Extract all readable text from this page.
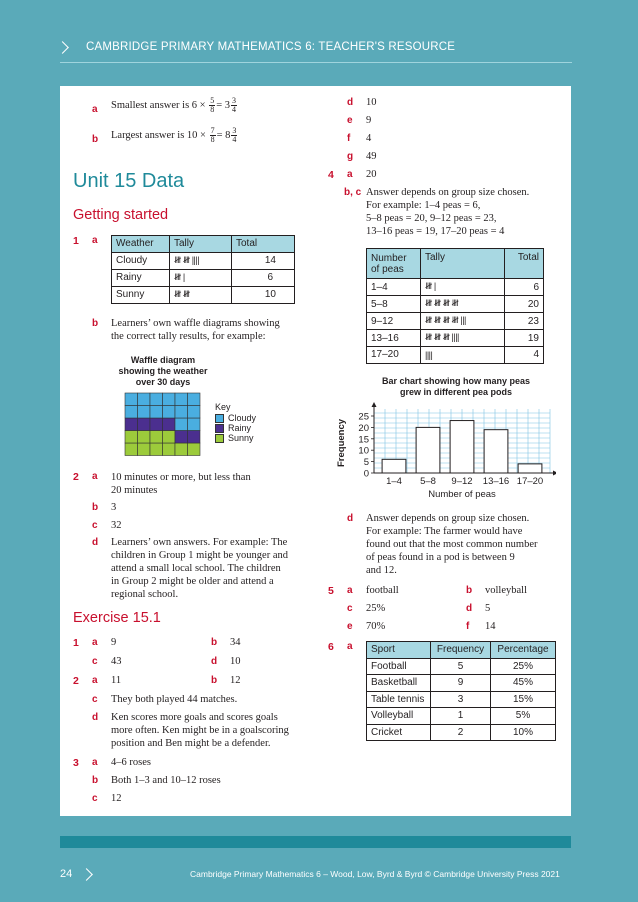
CAMBRIDGE PRIMARY MATHEMATICS 6: TEACHER'S RESOURCE
a Smallest answer is $6 \times \frac{5}{8} = 3 \frac{3}{4}$
b Largest answer is $10 \times \frac{7}{8} = 8 \frac{3}{4}$
Unit 15 Data
Getting started
1 a Weather	Tally	Total
Cloudy	𝍸 𝍸 ||||	14
Rainy	𝍸 |	6
Sunny	𝍸 𝍸	10
b Learners’ own waffle diagrams showing
the correct tally results, for example:
Waffle diagram
showing the weather
over 30 days
Key
Cloudy
Rainy
Sunny
2 a 10 minutes or more, but less than
20 minutes
b 3
c 32
d Learners’ own answers. For example: The
children in Group 1 might be younger and
attend a small local school. The children
in Group 2 might be older and attend a
regional school.
Exercise 15.1
1 a 9	b 34
c 43	d 10
2 a 11	b 12
c They both played 44 matches.
d Ken scores more goals and scores goals
more often. Ken might be in a goalscoring
position and Ben might be a defender.
3 a 4–6 roses
b Both 1–3 and 10–12 roses
c 12
d 10
e 9
f 4
g 49
4 a 20
b, c Answer depends on group size chosen.
For example: 1–4 peas = 6,
5–8 peas = 20, 9–12 peas = 23,
13–16 peas = 19, 17–20 peas = 4
Number of peas	Tally	Total
1–4	𝍸 |	6
5–8	𝍸 𝍸 𝍸 𝍸	20
9–12	𝍸 𝍸 𝍸 𝍸 |||	23
13–16	𝍸 𝍸 𝍸 ||||	19
17–20	||||	4
Bar chart showing how many peas
grew in different pea pods
0
5
10
15
20
25
1–4 5–8 9–12 13–16 17–20
Number of peas
Frequency
d Answer depends on group size chosen.
For example: The farmer would have
found out that the most common number
of peas found in a pod is between 9
and 12.
5 a football	b volleyball
c 25%	d 5
e 70%	f 14
6 a Sport	Frequency	Percentage
Football	5	25%
Basketball	9	45%
Table tennis	3	15%
Volleyball	1	5%
Cricket	2	10%
24	Cambridge Primary Mathematics 6 – Wood, Low, Byrd & Byrd © Cambridge University Press 2021
